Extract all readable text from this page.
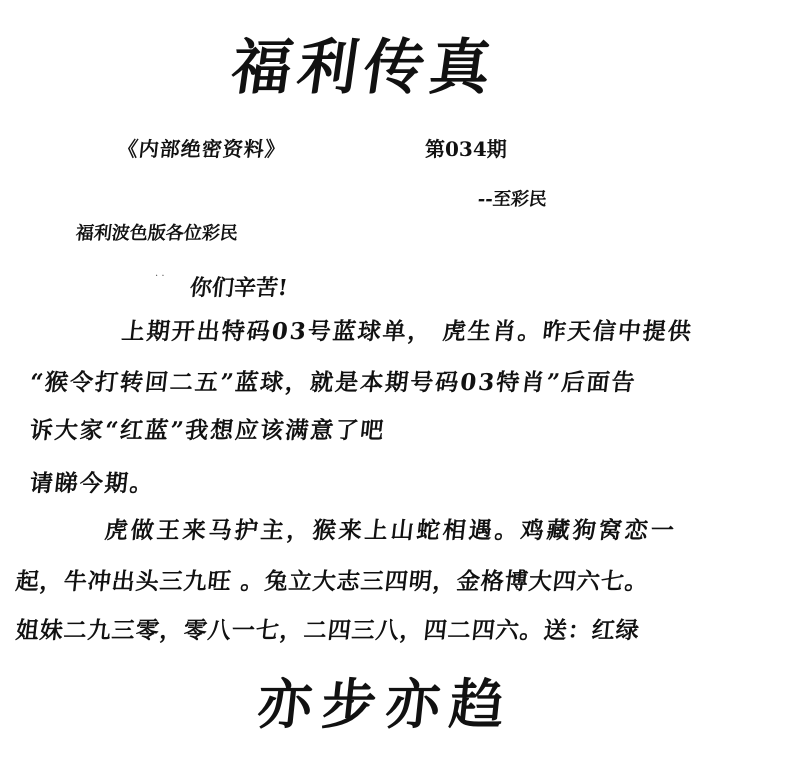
福利传真
《内部绝密资料》	第034期
--至彩民
福利波色版各位彩民
. .
你们辛苦!
上期开出特码03号蓝球单， 虎生肖。昨天信中提供
“猴令打转回二五”蓝球，就是本期号码03特肖”后面告
诉大家“红蓝”我想应该满意了吧
请睇今期。
虎做王来马护主，猴来上山蛇相遇。鸡藏狗窝恋一
起，牛冲出头三九旺 。兔立大志三四明，金格博大四六七。
姐妹二九三零，零八一七，二四三八，四二四六。送：红绿
亦步亦趋
